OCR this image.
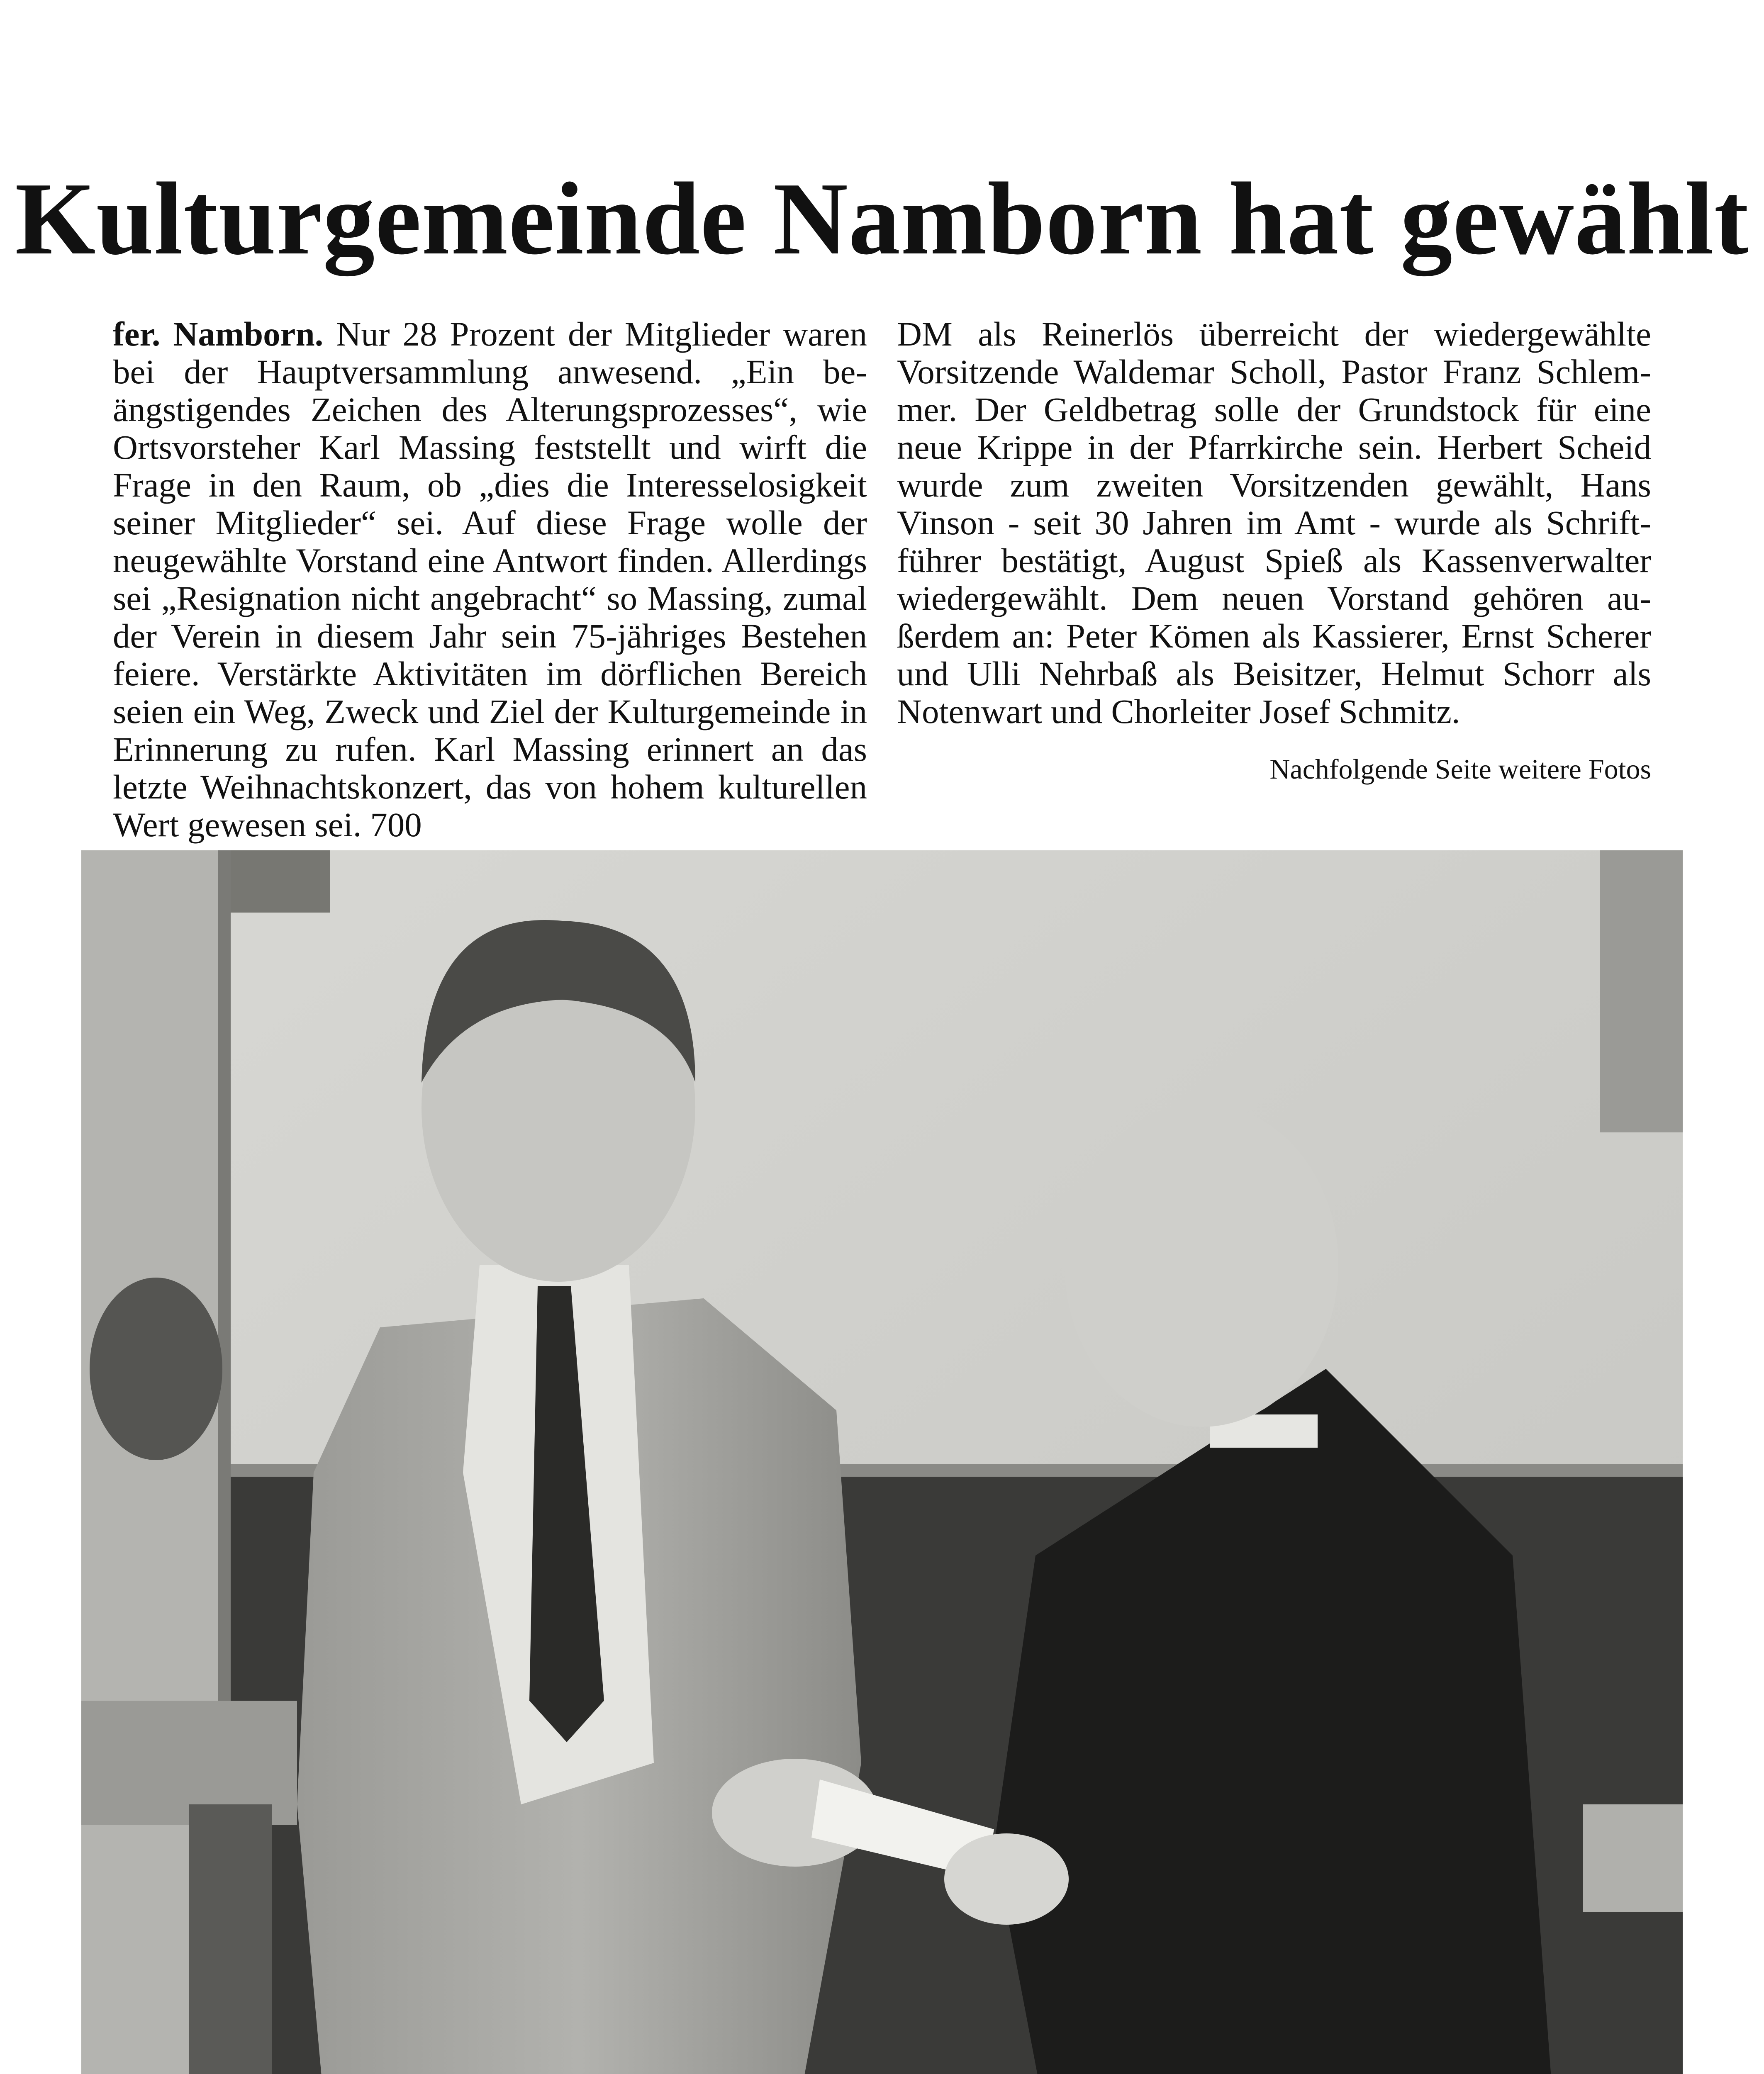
Kulturgemeinde Namborn hat gewählt

fer. Namborn. Nur 28 Prozent der Mitglieder waren bei der Hauptversammlung anwesend. „Ein beängstigendes Zeichen des Alterungsprozesses“, wie Ortsvorsteher Karl Massing feststellt und wirft die Frage in den Raum, ob „dies die Interesselosigkeit seiner Mitglieder“ sei. Auf diese Frage wolle der neugewählte Vorstand eine Antwort finden. Allerdings sei „Resignation nicht angebracht“ so Massing, zumal der Verein in diesem Jahr sein 75-jähriges Bestehen feiere. Verstärkte Aktivitäten im dörflichen Bereich seien ein Weg, Zweck und Ziel der Kulturgemeinde in Erinnerung zu rufen. Karl Massing erinnert an das letzte Weihnachtskonzert, das von hohem kulturellen Wert gewesen sei. 700

DM als Reinerlös überreicht der wiedergewählte Vorsitzende Waldemar Scholl, Pastor Franz Schlemmer. Der Geldbetrag solle der Grundstock für eine neue Krippe in der Pfarrkirche sein. Herbert Scheid wurde zum zweiten Vorsitzenden gewählt, Hans Vinson - seit 30 Jahren im Amt - wurde als Schriftführer bestätigt, August Spieß als Kassenverwalter wiedergewählt. Dem neuen Vorstand gehören außerdem an: Peter Kömen als Kassierer, Ernst Scherer und Ulli Nehrbaß als Beisitzer, Helmut Schorr als Notenwart und Chorleiter Josef Schmitz.

Nachfolgende Seite weitere Fotos
